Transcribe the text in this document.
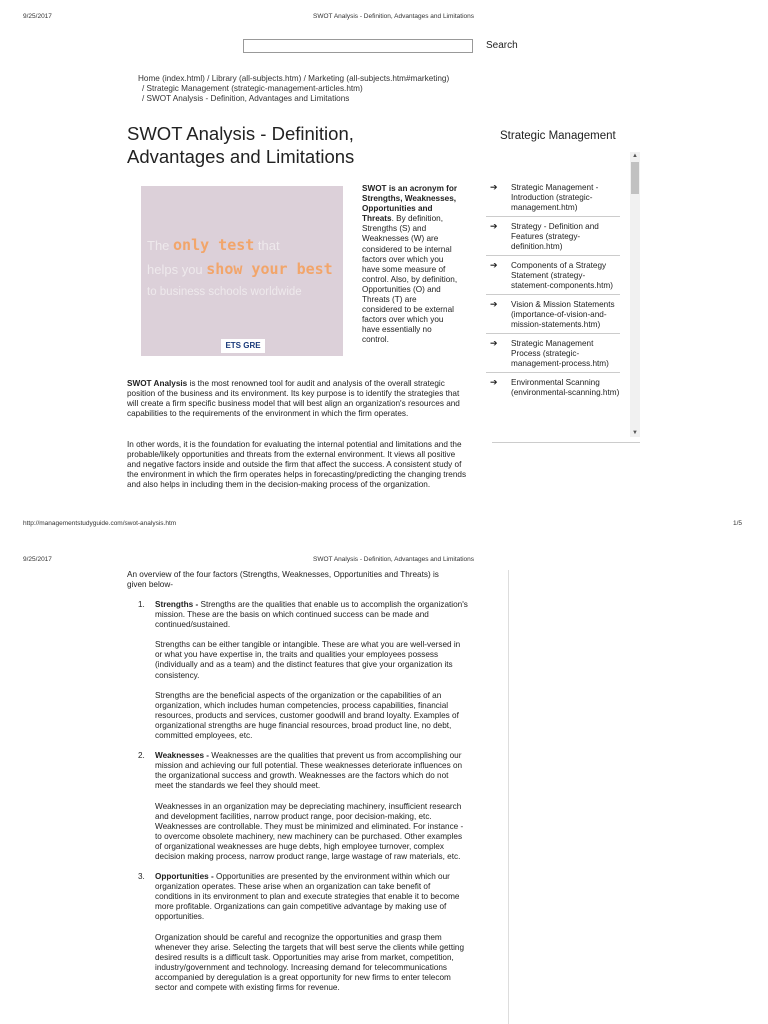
9/25/2017	SWOT Analysis - Definition, Advantages and Limitations
Search
Home (index.html) / Library (all-subjects.htm) / Marketing (all-subjects.htm#marketing)
/ Strategic Management (strategic-management-articles.htm)
/ SWOT Analysis - Definition, Advantages and Limitations
SWOT Analysis - Definition, Advantages and Limitations
The only test that
helps you show your best
to business schools worldwide
ETS GRE
SWOT is an acronym for Strengths, Weaknesses, Opportunities and Threats. By definition, Strengths (S) and Weaknesses (W) are considered to be internal factors over which you have some measure of control. Also, by definition, Opportunities (O) and Threats (T) are considered to be external factors over which you have essentially no control.
SWOT Analysis is the most renowned tool for audit and analysis of the overall strategic position of the business and its environment. Its key purpose is to identify the strategies that will create a firm specific business model that will best align an organization's resources and capabilities to the requirements of the environment in which the firm operates.
In other words, it is the foundation for evaluating the internal potential and limitations and the probable/likely opportunities and threats from the external environment. It views all positive and negative factors inside and outside the firm that affect the success. A consistent study of the environment in which the firm operates helps in forecasting/predicting the changing trends and also helps in including them in the decision-making process of the organization.
Strategic Management
➔ Strategic Management - Introduction (strategic-management.htm)
➔ Strategy - Definition and Features (strategy-definition.htm)
➔ Components of a Strategy Statement (strategy-statement-components.htm)
➔ Vision & Mission Statements (importance-of-vision-and-mission-statements.htm)
➔ Strategic Management Process (strategic-management-process.htm)
➔ Environmental Scanning (environmental-scanning.htm)
▲
▼
http://managementstudyguide.com/swot-analysis.htm	1/5
9/25/2017	SWOT Analysis - Definition, Advantages and Limitations
An overview of the four factors (Strengths, Weaknesses, Opportunities and Threats) is given below-
1. Strengths - Strengths are the qualities that enable us to accomplish the organization's mission. These are the basis on which continued success can be made and continued/sustained.

Strengths can be either tangible or intangible. These are what you are well-versed in or what you have expertise in, the traits and qualities your employees possess (individually and as a team) and the distinct features that give your organization its consistency.

Strengths are the beneficial aspects of the organization or the capabilities of an organization, which includes human competencies, process capabilities, financial resources, products and services, customer goodwill and brand loyalty. Examples of organizational strengths are huge financial resources, broad product line, no debt, committed employees, etc.

2. Weaknesses - Weaknesses are the qualities that prevent us from accomplishing our mission and achieving our full potential. These weaknesses deteriorate influences on the organizational success and growth. Weaknesses are the factors which do not meet the standards we feel they should meet.

Weaknesses in an organization may be depreciating machinery, insufficient research and development facilities, narrow product range, poor decision-making, etc. Weaknesses are controllable. They must be minimized and eliminated. For instance - to overcome obsolete machinery, new machinery can be purchased. Other examples of organizational weaknesses are huge debts, high employee turnover, complex decision making process, narrow product range, large wastage of raw materials, etc.

3. Opportunities - Opportunities are presented by the environment within which our organization operates. These arise when an organization can take benefit of conditions in its environment to plan and execute strategies that enable it to become more profitable. Organizations can gain competitive advantage by making use of opportunities.

Organization should be careful and recognize the opportunities and grasp them whenever they arise. Selecting the targets that will best serve the clients while getting desired results is a difficult task. Opportunities may arise from market, competition, industry/government and technology. Increasing demand for telecommunications accompanied by deregulation is a great opportunity for new firms to enter telecom sector and compete with existing firms for revenue.
